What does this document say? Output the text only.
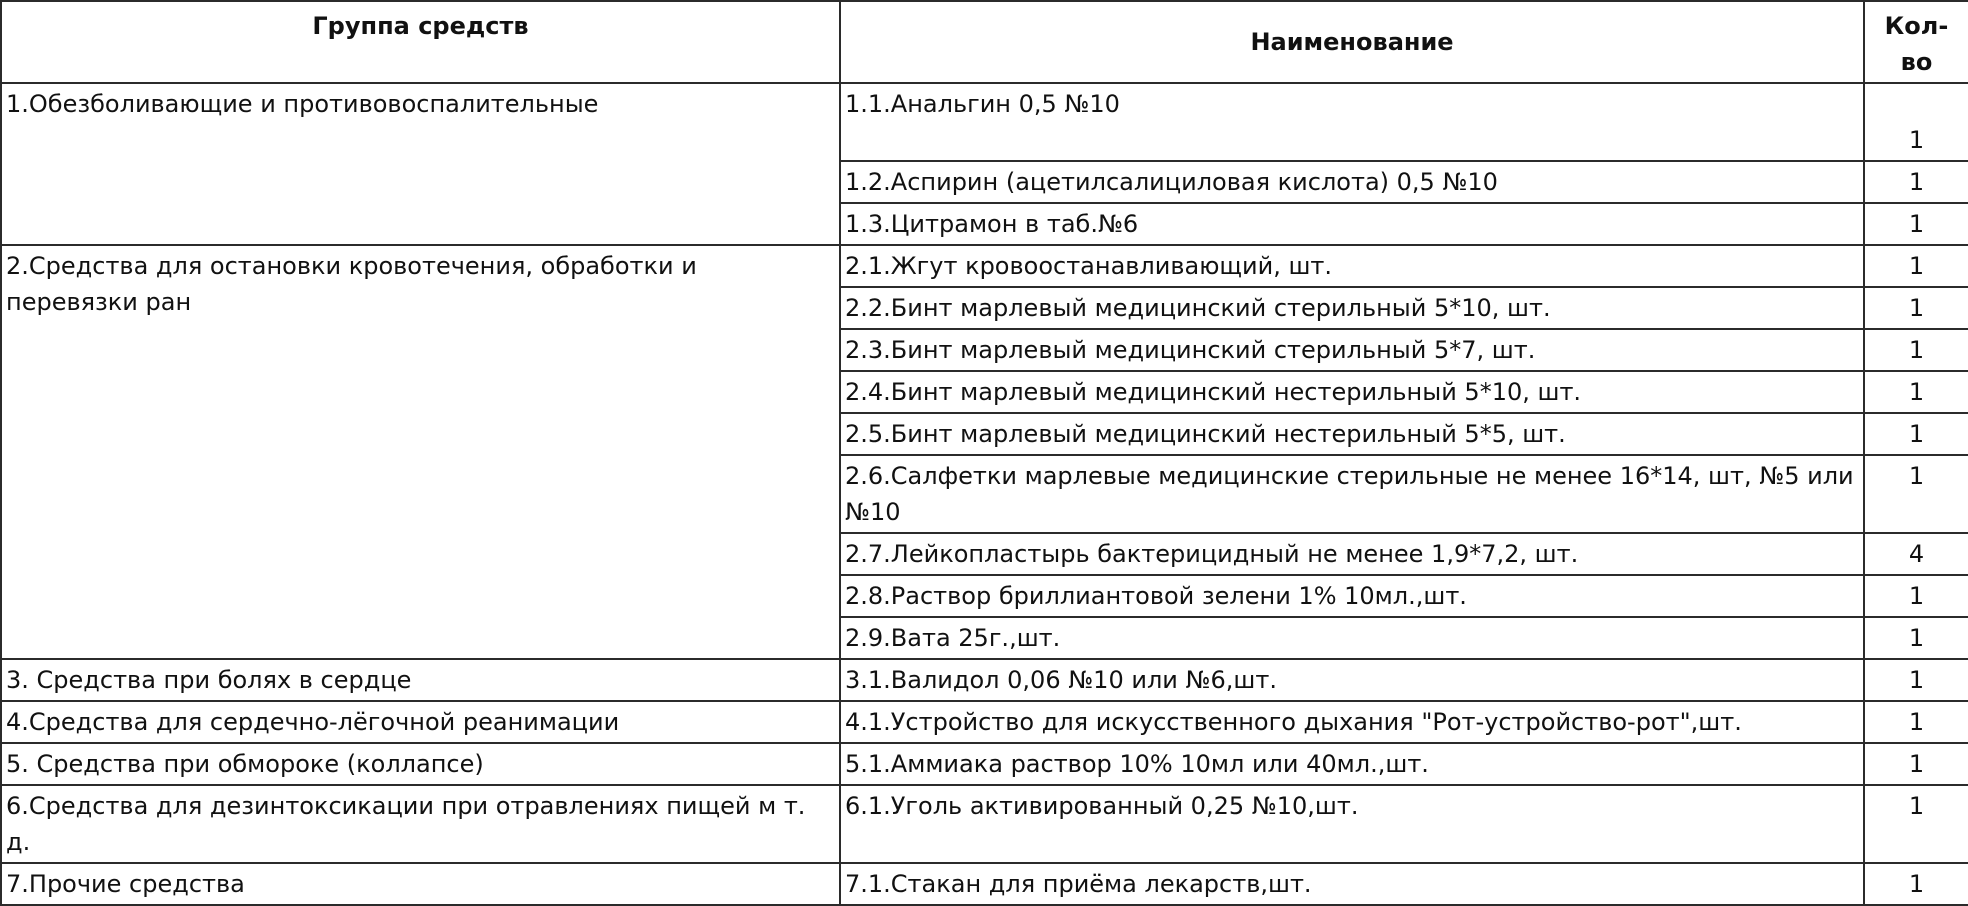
Группа средств	Наименование	Кол-во
1.Обезболивающие и противовоспалительные	1.1.Анальгин 0,5 №10	1
	1.2.Аспирин (ацетилсалициловая кислота) 0,5 №10	1
	1.3.Цитрамон в таб.№6	1
2.Средства для остановки кровотечения, обработки и перевязки ран	2.1.Жгут кровоостанавливающий, шт.	1
	2.2.Бинт марлевый медицинский стерильный 5*10, шт.	1
	2.3.Бинт марлевый медицинский стерильный 5*7, шт.	1
	2.4.Бинт марлевый медицинский нестерильный 5*10, шт.	1
	2.5.Бинт марлевый медицинский нестерильный 5*5, шт.	1
	2.6.Салфетки марлевые медицинские стерильные не менее 16*14, шт, №5 или №10	1
	2.7.Лейкопластырь бактерицидный не менее 1,9*7,2, шт.	4
	2.8.Раствор бриллиантовой зелени 1% 10мл.,шт.	1
	2.9.Вата 25г.,шт.	1
3. Средства при болях в сердце	3.1.Валидол 0,06 №10 или №6,шт.	1
4.Средства для сердечно-лёгочной реанимации	4.1.Устройство для искусственного дыхания "Рот-устройство-рот",шт.	1
5. Средства при обмороке (коллапсе)	5.1.Аммиака раствор 10% 10мл или 40мл.,шт.	1
6.Средства для дезинтоксикации при отравлениях пищей м т. д.	6.1.Уголь активированный 0,25 №10,шт.	1
7.Прочие средства	7.1.Стакан для приёма лекарств,шт.	1
